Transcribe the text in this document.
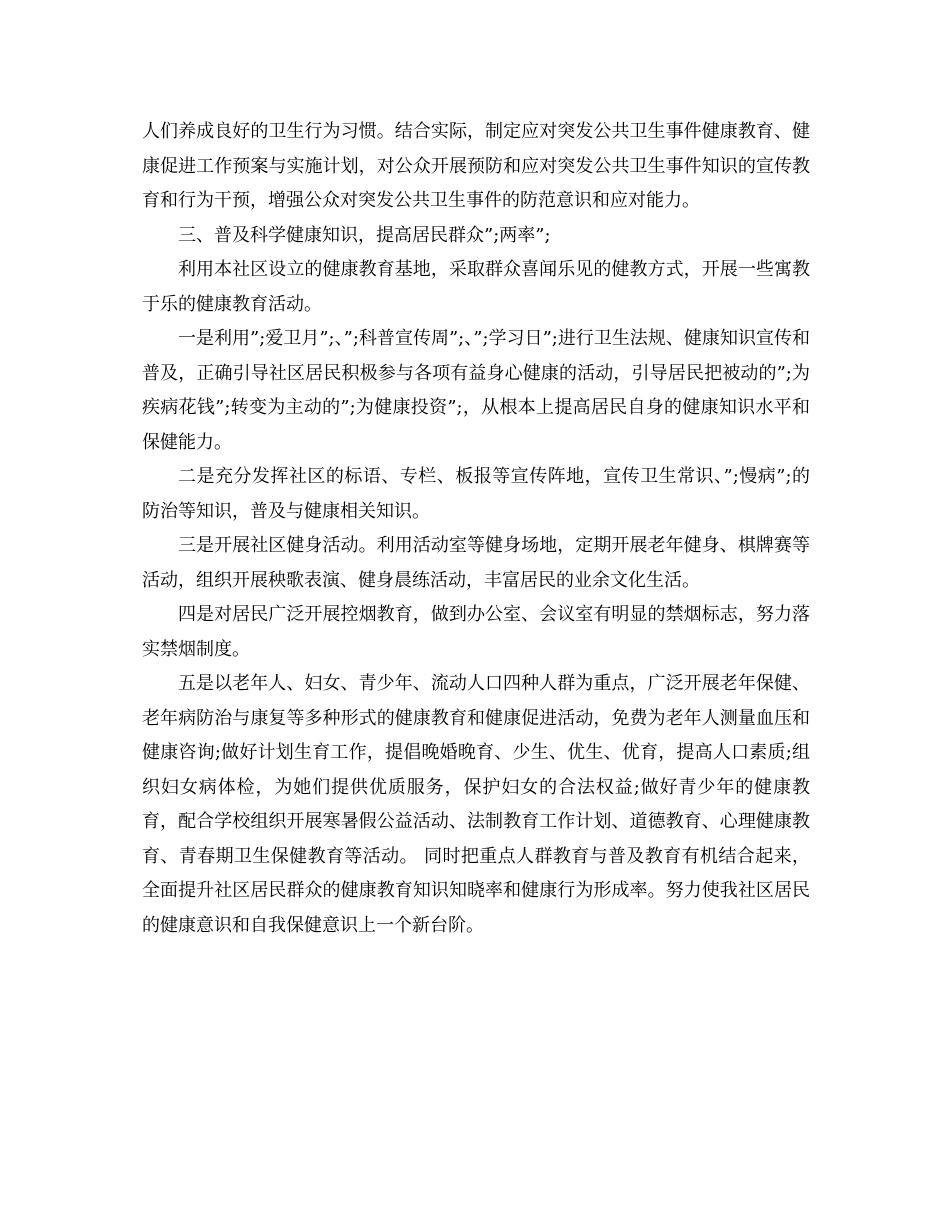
人们养成良好的卫生行为习惯。结合实际，制定应对突发公共卫生事件健康教育、健康促进工作预案与实施计划，对公众开展预防和应对突发公共卫生事件知识的宣传教育和行为干预，增强公众对突发公共卫生事件的防范意识和应对能力。

三、普及科学健康知识，提高居民群众”;两率”;

利用本社区设立的健康教育基地，采取群众喜闻乐见的健教方式，开展一些寓教于乐的健康教育活动。

一是利用”;爱卫月”;、”;科普宣传周”;、”;学习日”;进行卫生法规、健康知识宣传和普及，正确引导社区居民积极参与各项有益身心健康的活动，引导居民把被动的”;为疾病花钱”;转变为主动的”;为健康投资”;，从根本上提高居民自身的健康知识水平和保健能力。

二是充分发挥社区的标语、专栏、板报等宣传阵地，宣传卫生常识、”;慢病”;的防治等知识，普及与健康相关知识。

三是开展社区健身活动。利用活动室等健身场地，定期开展老年健身、棋牌赛等活动，组织开展秧歌表演、健身晨练活动，丰富居民的业余文化生活。

四是对居民广泛开展控烟教育，做到办公室、会议室有明显的禁烟标志，努力落实禁烟制度。

五是以老年人、妇女、青少年、流动人口四种人群为重点，广泛开展老年保健、老年病防治与康复等多种形式的健康教育和健康促进活动，免费为老年人测量血压和健康咨询;做好计划生育工作，提倡晚婚晚育、少生、优生、优育，提高人口素质;组织妇女病体检，为她们提供优质服务，保护妇女的合法权益;做好青少年的健康教育，配合学校组织开展寒暑假公益活动、法制教育工作计划、道德教育、心理健康教育、青春期卫生保健教育等活动。 同时把重点人群教育与普及教育有机结合起来，全面提升社区居民群众的健康教育知识知晓率和健康行为形成率。努力使我社区居民的健康意识和自我保健意识上一个新台阶。
